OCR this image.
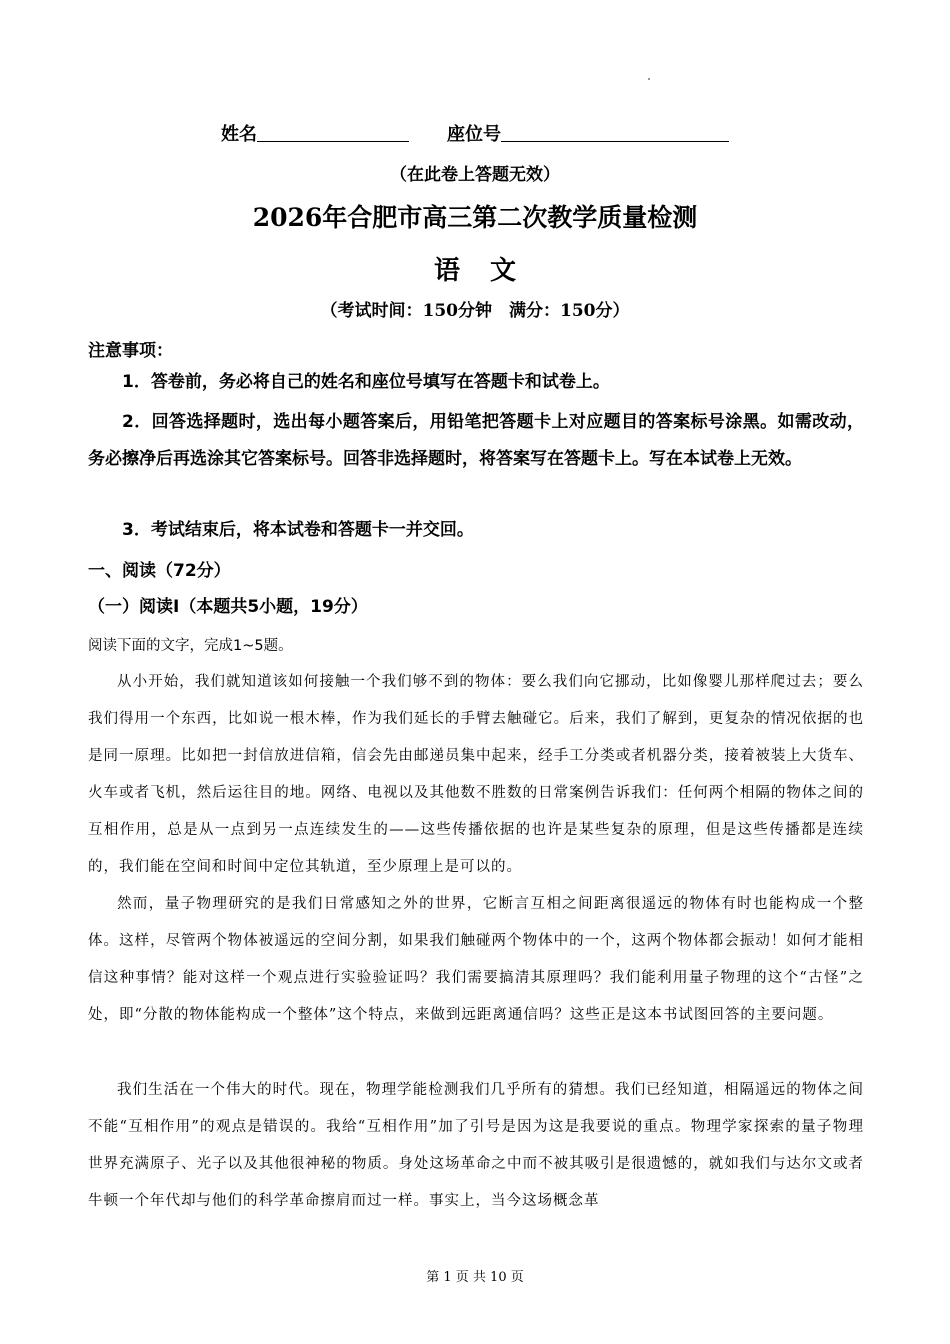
姓名	座位号
（在此卷上答题无效）
2026年合肥市高三第二次教学质量检测
语文
（考试时间：150分钟　满分：150分）
注意事项：
1．答卷前，务必将自己的姓名和座位号填写在答题卡和试卷上。
2．回答选择题时，选出每小题答案后，用铅笔把答题卡上对应题目的答案标号涂黑。如需改动，务必擦净后再选涂其它答案标号。回答非选择题时，将答案写在答题卡上。写在本试卷上无效。
3．考试结束后，将本试卷和答题卡一并交回。
一、阅读（72分）
（一）阅读I（本题共5小题，19分）
阅读下面的文字，完成1~5题。
从小开始，我们就知道该如何接触一个我们够不到的物体：要么我们向它挪动，比如像婴儿那样爬过去；要么我们得用一个东西，比如说一根木棒，作为我们延长的手臂去触碰它。后来，我们了解到，更复杂的情况依据的也是同一原理。比如把一封信放进信箱，信会先由邮递员集中起来，经手工分类或者机器分类，接着被装上大货车、火车或者飞机，然后运往目的地。网络、电视以及其他数不胜数的日常案例告诉我们：任何两个相隔的物体之间的互相作用，总是从一点到另一点连续发生的——这些传播依据的也许是某些复杂的原理，但是这些传播都是连续的，我们能在空间和时间中定位其轨道，至少原理上是可以的。
然而，量子物理研究的是我们日常感知之外的世界，它断言互相之间距离很遥远的物体有时也能构成一个整体。这样，尽管两个物体被遥远的空间分割，如果我们触碰两个物体中的一个，这两个物体都会振动！如何才能相信这种事情？能对这样一个观点进行实验验证吗？我们需要搞清其原理吗？我们能利用量子物理的这个“古怪”之处，即“分散的物体能构成一个整体”这个特点，来做到远距离通信吗？这些正是这本书试图回答的主要问题。
我们生活在一个伟大的时代。现在，物理学能检测我们几乎所有的猜想。我们已经知道，相隔遥远的物体之间不能“互相作用”的观点是错误的。我给“互相作用”加了引号是因为这是我要说的重点。物理学家探索的量子物理世界充满原子、光子以及其他很神秘的物质。身处这场革命之中而不被其吸引是很遗憾的，就如我们与达尔文或者牛顿一个年代却与他们的科学革命擦肩而过一样。事实上，当今这场概念革
第 1 页 共 10 页
